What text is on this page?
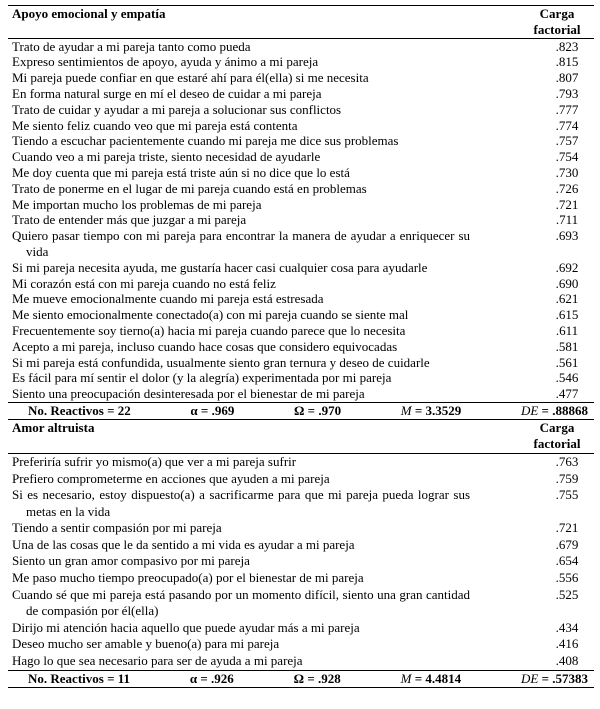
Apoyo emocional y empatía	Carga factorial
Trato de ayudar a mi pareja tanto como pueda	.823
Expreso sentimientos de apoyo, ayuda y ánimo a mi pareja	.815
Mi pareja puede confiar en que estaré ahí para él(ella) si me necesita	.807
En forma natural surge en mí el deseo de cuidar a mi pareja	.793
Trato de cuidar y ayudar a mi pareja a solucionar sus conflictos	.777
Me siento feliz cuando veo que mi pareja está contenta	.774
Tiendo a escuchar pacientemente cuando mi pareja me dice sus problemas	.757
Cuando veo a mi pareja triste, siento necesidad de ayudarle	.754
Me doy cuenta que mi pareja está triste aún si no dice que lo está	.730
Trato de ponerme en el lugar de mi pareja cuando está en problemas	.726
Me importan mucho los problemas de mi pareja	.721
Trato de entender más que juzgar a mi pareja	.711
Quiero pasar tiempo con mi pareja para encontrar la manera de ayudar a enriquecer su vida	.693
Si mi pareja necesita ayuda, me gustaría hacer casi cualquier cosa para ayudarle	.692
Mi corazón está con mi pareja cuando no está feliz	.690
Me mueve emocionalmente cuando mi pareja está estresada	.621
Me siento emocionalmente conectado(a) con mi pareja cuando se siente mal	.615
Frecuentemente soy tierno(a) hacia mi pareja cuando parece que lo necesita	.611
Acepto a mi pareja, incluso cuando hace cosas que considero equivocadas	.581
Si mi pareja está confundida, usualmente siento gran ternura y deseo de cuidarle	.561
Es fácil para mí sentir el dolor (y la alegría) experimentada por mi pareja	.546
Siento una preocupación desinteresada por el bienestar de mi pareja	.477

No. Reactivos = 22 α = .969 Ω = .970 M = 3.3529 DE = .88868	

Amor altruista	Carga factorial
Preferiría sufrir yo mismo(a) que ver a mi pareja sufrir	.763
Prefiero comprometerme en acciones que ayuden a mi pareja	.759
Si es necesario, estoy dispuesto(a) a sacrificarme para que mi pareja pueda lograr sus metas en la vida	.755
Tiendo a sentir compasión por mi pareja	.721
Una de las cosas que le da sentido a mi vida es ayudar a mi pareja	.679
Siento un gran amor compasivo por mi pareja	.654
Me paso mucho tiempo preocupado(a) por el bienestar de mi pareja	.556
Cuando sé que mi pareja está pasando por un momento difícil, siento una gran cantidad de compasión por él(ella)	.525
Dirijo mi atención hacia aquello que puede ayudar más a mi pareja	.434
Deseo mucho ser amable y bueno(a) para mi pareja	.416
Hago lo que sea necesario para ser de ayuda a mi pareja	.408

No. Reactivos = 11 α = .926 Ω = .928 M = 4.4814 DE = .57383	
